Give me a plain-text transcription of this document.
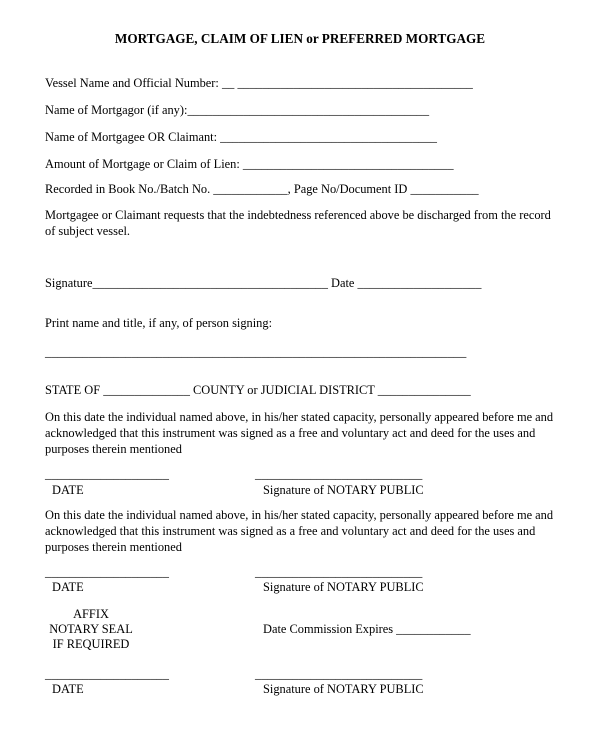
MORTGAGE, CLAIM OF LIEN or PREFERRED MORTGAGE
Vessel Name and Official Number: __ ______________________________________
Name of Mortgagor (if any):_______________________________________
Name of Mortgagee OR Claimant: ___________________________________
Amount of Mortgage or Claim of Lien: __________________________________
Recorded in Book No./Batch No. ____________, Page No/Document ID ___________
Mortgagee or Claimant requests that the indebtedness referenced above be discharged from the record of subject vessel.
Signature______________________________________ Date ____________________
Print name and title, if any, of person signing:
____________________________________________________________________
STATE OF ______________ COUNTY or JUDICIAL DISTRICT _______________
On this date the individual named above, in his/her stated capacity, personally appeared before me and acknowledged that this instrument was signed as a free and voluntary act and deed for the uses and purposes therein mentioned
____________________	___________________________
DATE	Signature of NOTARY PUBLIC
On this date the individual named above, in his/her stated capacity, personally appeared before me and acknowledged that this instrument was signed as a free and voluntary act and deed for the uses and purposes therein mentioned
____________________	___________________________
DATE	Signature of NOTARY PUBLIC
AFFIX
NOTARY SEAL
IF REQUIRED
Date Commission Expires ____________
____________________	___________________________
DATE	Signature of NOTARY PUBLIC
